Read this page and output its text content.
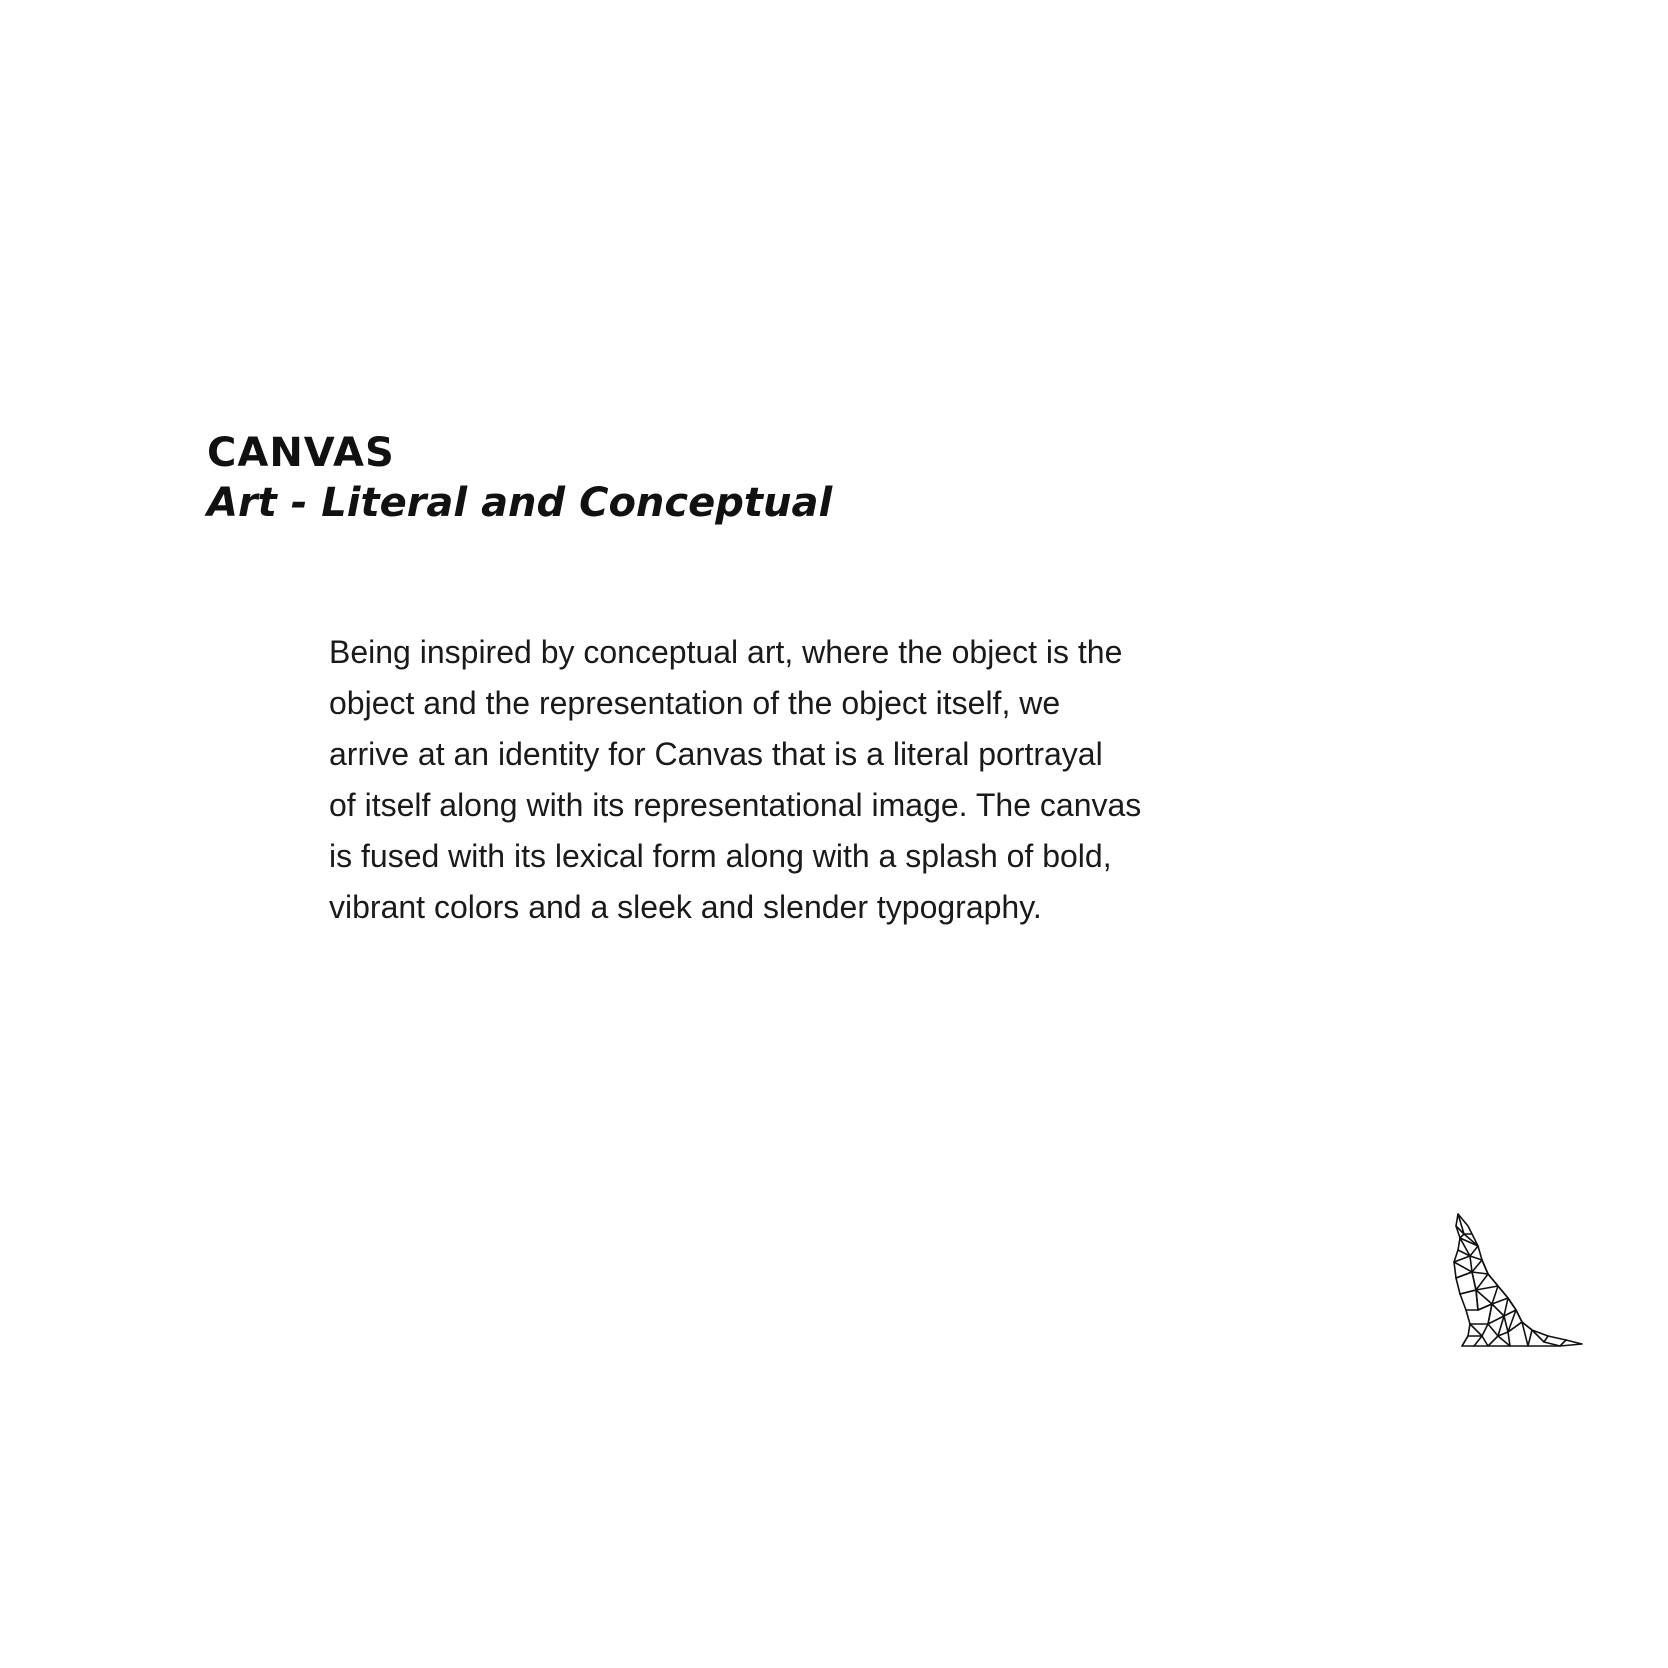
CANVAS
Art - Literal and Conceptual

Being inspired by conceptual art, where the object is the
object and the representation of the object itself, we
arrive at an identity for Canvas that is a literal portrayal
of itself along with its representational image. The canvas
is fused with its lexical form along with a splash of bold,
vibrant colors and a sleek and slender typography.
